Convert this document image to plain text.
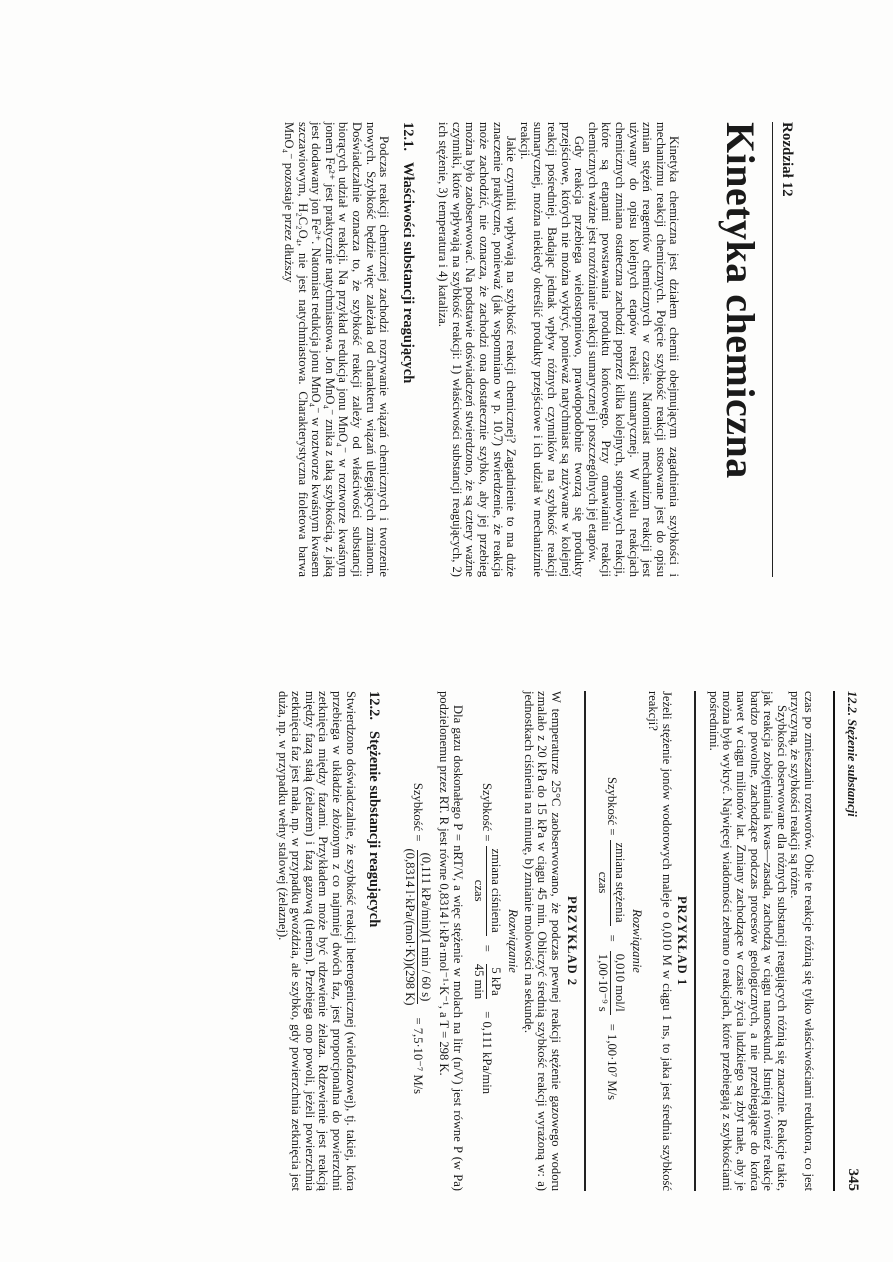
Rozdział 12
Kinetyka chemiczna

Kinetyka chemiczna jest działem chemii obejmującym zagadnienia szybkości i mechanizmu reakcji chemicznych. Pojęcie szybkość reakcji stosowane jest do opisu zmian stężeń reagentów chemicznych w czasie. Natomiast mechanizm reakcji jest używany do opisu kolejnych etapów reakcji sumarycznej. W wielu reakcjach chemicznych zmiana ostateczna zachodzi poprzez kilka kolejnych, stopniowych reakcji, które są etapami powstawania produktu końcowego. Przy omawianiu reakcji chemicznych ważne jest rozróżnianie reakcji sumarycznej i poszczególnych jej etapów.

Gdy reakcja przebiega wielostopniowo, prawdopodobnie tworzą się produkty przejściowe, których nie można wykryć, ponieważ natychmiast są zużywane w kolejnej reakcji pośredniej. Badając jednak wpływ różnych czynników na szybkość reakcji sumarycznej, można niekiedy określić produkty przejściowe i ich udział w mechanizmie reakcji.

Jakie czynniki wpływają na szybkość reakcji chemicznej? Zagadnienie to ma duże znaczenie praktyczne, ponieważ (jak wspomniano w p. 10.7) stwierdzenie, że reakcja może zachodzić, nie oznacza, że zachodzi ona dostatecznie szybko, aby jej przebieg można było zaobserwować. Na podstawie doświadczeń stwierdzono, że są cztery ważne czynniki, które wpływają na szybkość reakcji: 1) właściwości substancji reagujących, 2) ich stężenie, 3) temperatura i 4) kataliza.

12.1.Właściwości substancji reagujących

Podczas reakcji chemicznej zachodzi rozrywanie wiązań chemicznych i tworzenie nowych. Szybkość będzie więc zależała od charakteru wiązań ulegających zmianom. Doświadczalnie oznacza to, że szybkość reakcji zależy od właściwości substancji biorących udział w reakcji. Na przykład redukcja jonu MnO₄⁻ w roztworze kwaśnym jonem Fe²⁺ jest praktycznie natychmiastowa. Jon MnO₄⁻ znika z taką szybkością, z jaką jest dodawany jon Fe²⁺. Natomiast redukcja jonu MnO₄⁻ w roztworze kwaśnym kwasem szczawiowym, H₂C₂O₄, nie jest natychmiastowa. Charakterystyczna fioletowa barwa MnO₄⁻ pozostaje przez dłuższy

12.2. Stężenie substancji
345

czas po zmieszaniu roztworów. Obie te reakcje różnią się tylko właściwościami reduktora, co jest przyczyną, że szybkości reakcji są różne.

Szybkości obserwowane dla różnych substancji reagujących różnią się znacznie. Reakcje takie, jak reakcja zobojętniania kwas—zasada, zachodzą w ciągu nanosekund. Istnieją również reakcje bardzo powolne, zachodzące podczas procesów geologicznych, a nie przebiegające do końca nawet w ciągu milionów lat. Zmiany zachodzące w czasie życia ludzkiego są zbyt małe, aby je można było wykryć. Najwięcej wiadomości zebrano o reakcjach, które przebiegają z szybkościami pośrednimi.

PRZYKŁAD 1

Jeżeli stężenie jonów wodorowych maleje o 0,010 M w ciągu 1 ns, to jaka jest średnia szybkość reakcji?

Rozwiązanie
Szybkość =
zmiana stężenia
czas
=
0,010 mol/l
1,00·10⁻⁹ s
= 1,00·10⁷ M/s
PRZYKŁAD 2

W temperaturze 25°C zaobserwowano, że podczas pewnej reakcji stężenie gazowego wodoru zmalało z 20 kPa do 15 kPa w ciągu 45 min. Obliczyć średnią szybkość reakcji wyrażoną w: a) jednostkach ciśnienia na minutę, b) zmianie molowości na sekundę.

Rozwiązanie
Szybkość =
zmiana ciśnienia
czas
=
5 kPa
45 min
= 0,111 kPa/min

Dla gazu doskonałego P = nRT/V, a więc stężenie w molach na litr (n/V) jest równe P (w Pa) podzielonemu przez RT. R jest równe 0,8314 l·kPa·mol⁻¹·K⁻¹, a T = 298 K.

Szybkość =
(0,111 kPa/min)(1 min / 60 s)
(0,8314 l·kPa/(mol·K))(298 K)
= 7,5·10⁻⁷ M/s
12.2.Stężenie substancji reagujących

Stwierdzono doświadczalnie, że szybkość reakcji heterogenicznej (wielofazowej), tj. takiej, która przebiega w układzie złożonym z co najmniej dwóch faz, jest proporcjonalna do powierzchni zetknięcia między fazami. Przykładem może być rdzewienie żelaza. Rdzewienie jest reakcją między fazą stałą (żelazem) i fazą gazową (tlenem). Przebiega ono powoli, jeżeli powierzchnia zetknięcia faz jest mała, np. w przypadku gwoździa, ale szybko, gdy powierzchnia zetknięcia jest duża, np. w przypadku wełny stalowej (żelaznej).
